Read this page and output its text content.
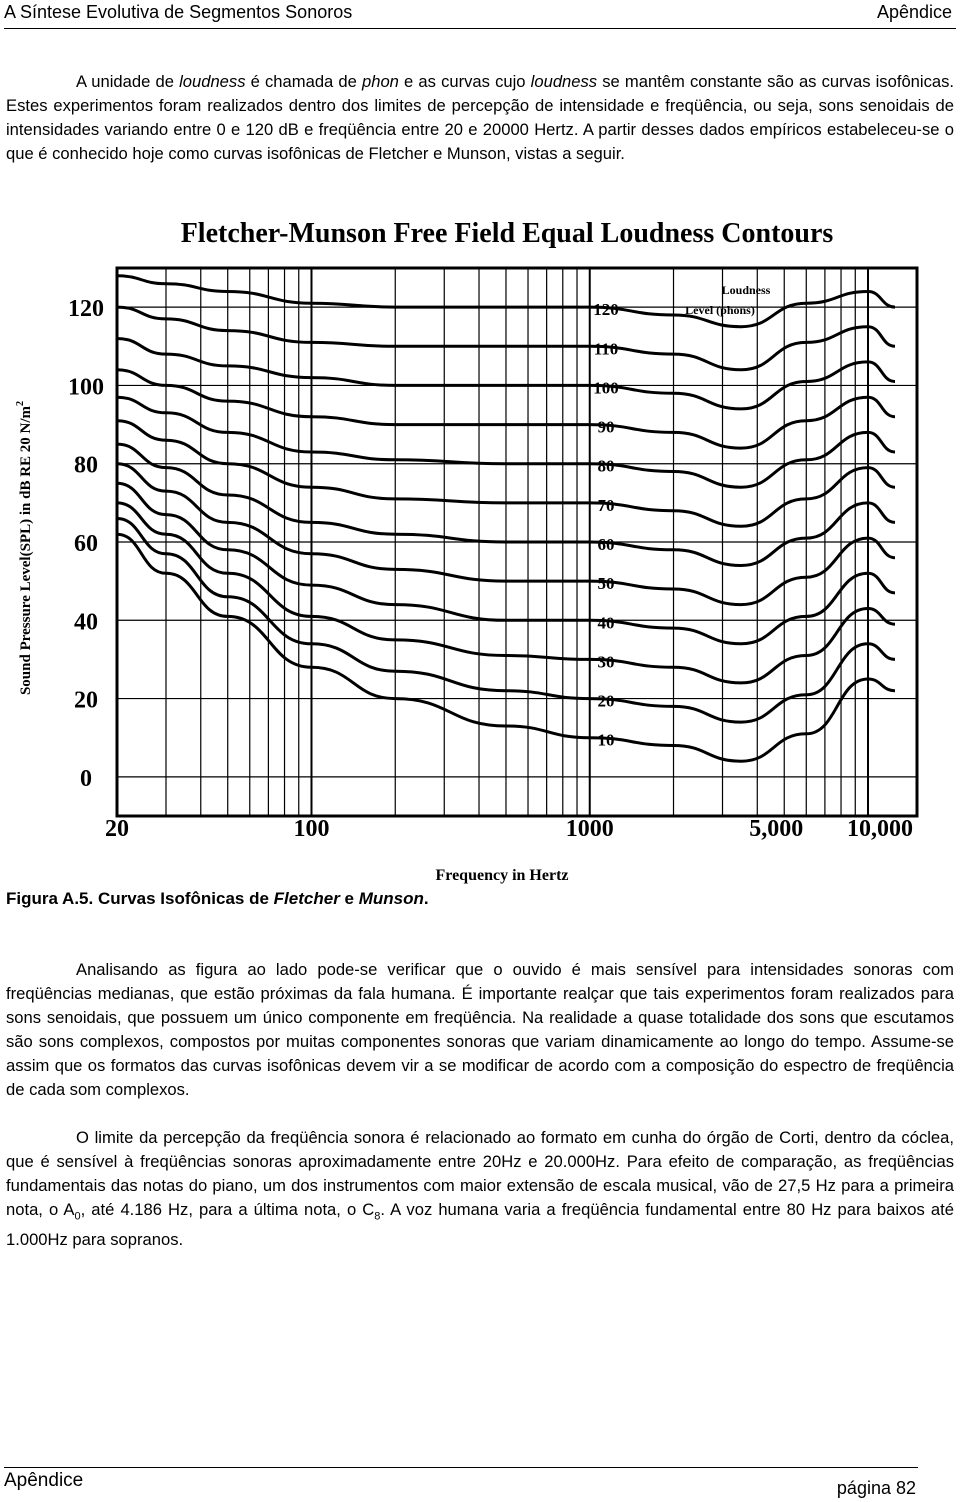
A Síntese Evolutiva de Segmentos Sonoros	Apêndice
A unidade de loudness é chamada de phon e as curvas cujo loudness se mantêm constante são as curvas isofônicas. Estes experimentos foram realizados dentro dos limites de percepção de intensidade e freqüência, ou seja, sons senoidais de intensidades variando entre 0 e 120 dB e freqüência entre 20 e 20000 Hertz. A partir desses dados empíricos estabeleceu-se o que é conhecido hoje como curvas isofônicas de Fletcher e Munson, vistas a seguir.
Fletcher-Munson Free Field Equal Loudness Contours
120
100
80
60
40
20
0
20	100	1000	5,000 10,000
120
110
100
90
80
70
60
50
40
30
20
10
Loudness
Level (phons)
Sound Pressure Level(SPL) in dB RE 20 $N/m^2$
Frequency in Hertz
Figura A.5. Curvas Isofônicas de Fletcher e Munson.
Analisando as figura ao lado pode-se verificar que o ouvido é mais sensível para intensidades sonoras com freqüências medianas, que estão próximas da fala humana. É importante realçar que tais experimentos foram realizados para sons senoidais, que possuem um único componente em freqüência. Na realidade a quase totalidade dos sons que escutamos são sons complexos, compostos por muitas componentes sonoras que variam dinamicamente ao longo do tempo. Assume-se assim que os formatos das curvas isofônicas devem vir a se modificar de acordo com a composição do espectro de freqüência de cada som complexos.
O limite da percepção da freqüência sonora é relacionado ao formato em cunha do órgão de Corti, dentro da cóclea, que é sensível à freqüências sonoras aproximadamente entre 20Hz e 20.000Hz. Para efeito de comparação, as freqüências fundamentais das notas do piano, um dos instrumentos com maior extensão de escala musical, vão de 27,5 Hz para a primeira nota, o $A_0$, até 4.186 Hz, para a última nota, o $C_8$. A voz humana varia a freqüência fundamental entre 80 Hz para baixos até 1.000Hz para sopranos.
Apêndice	página 82
